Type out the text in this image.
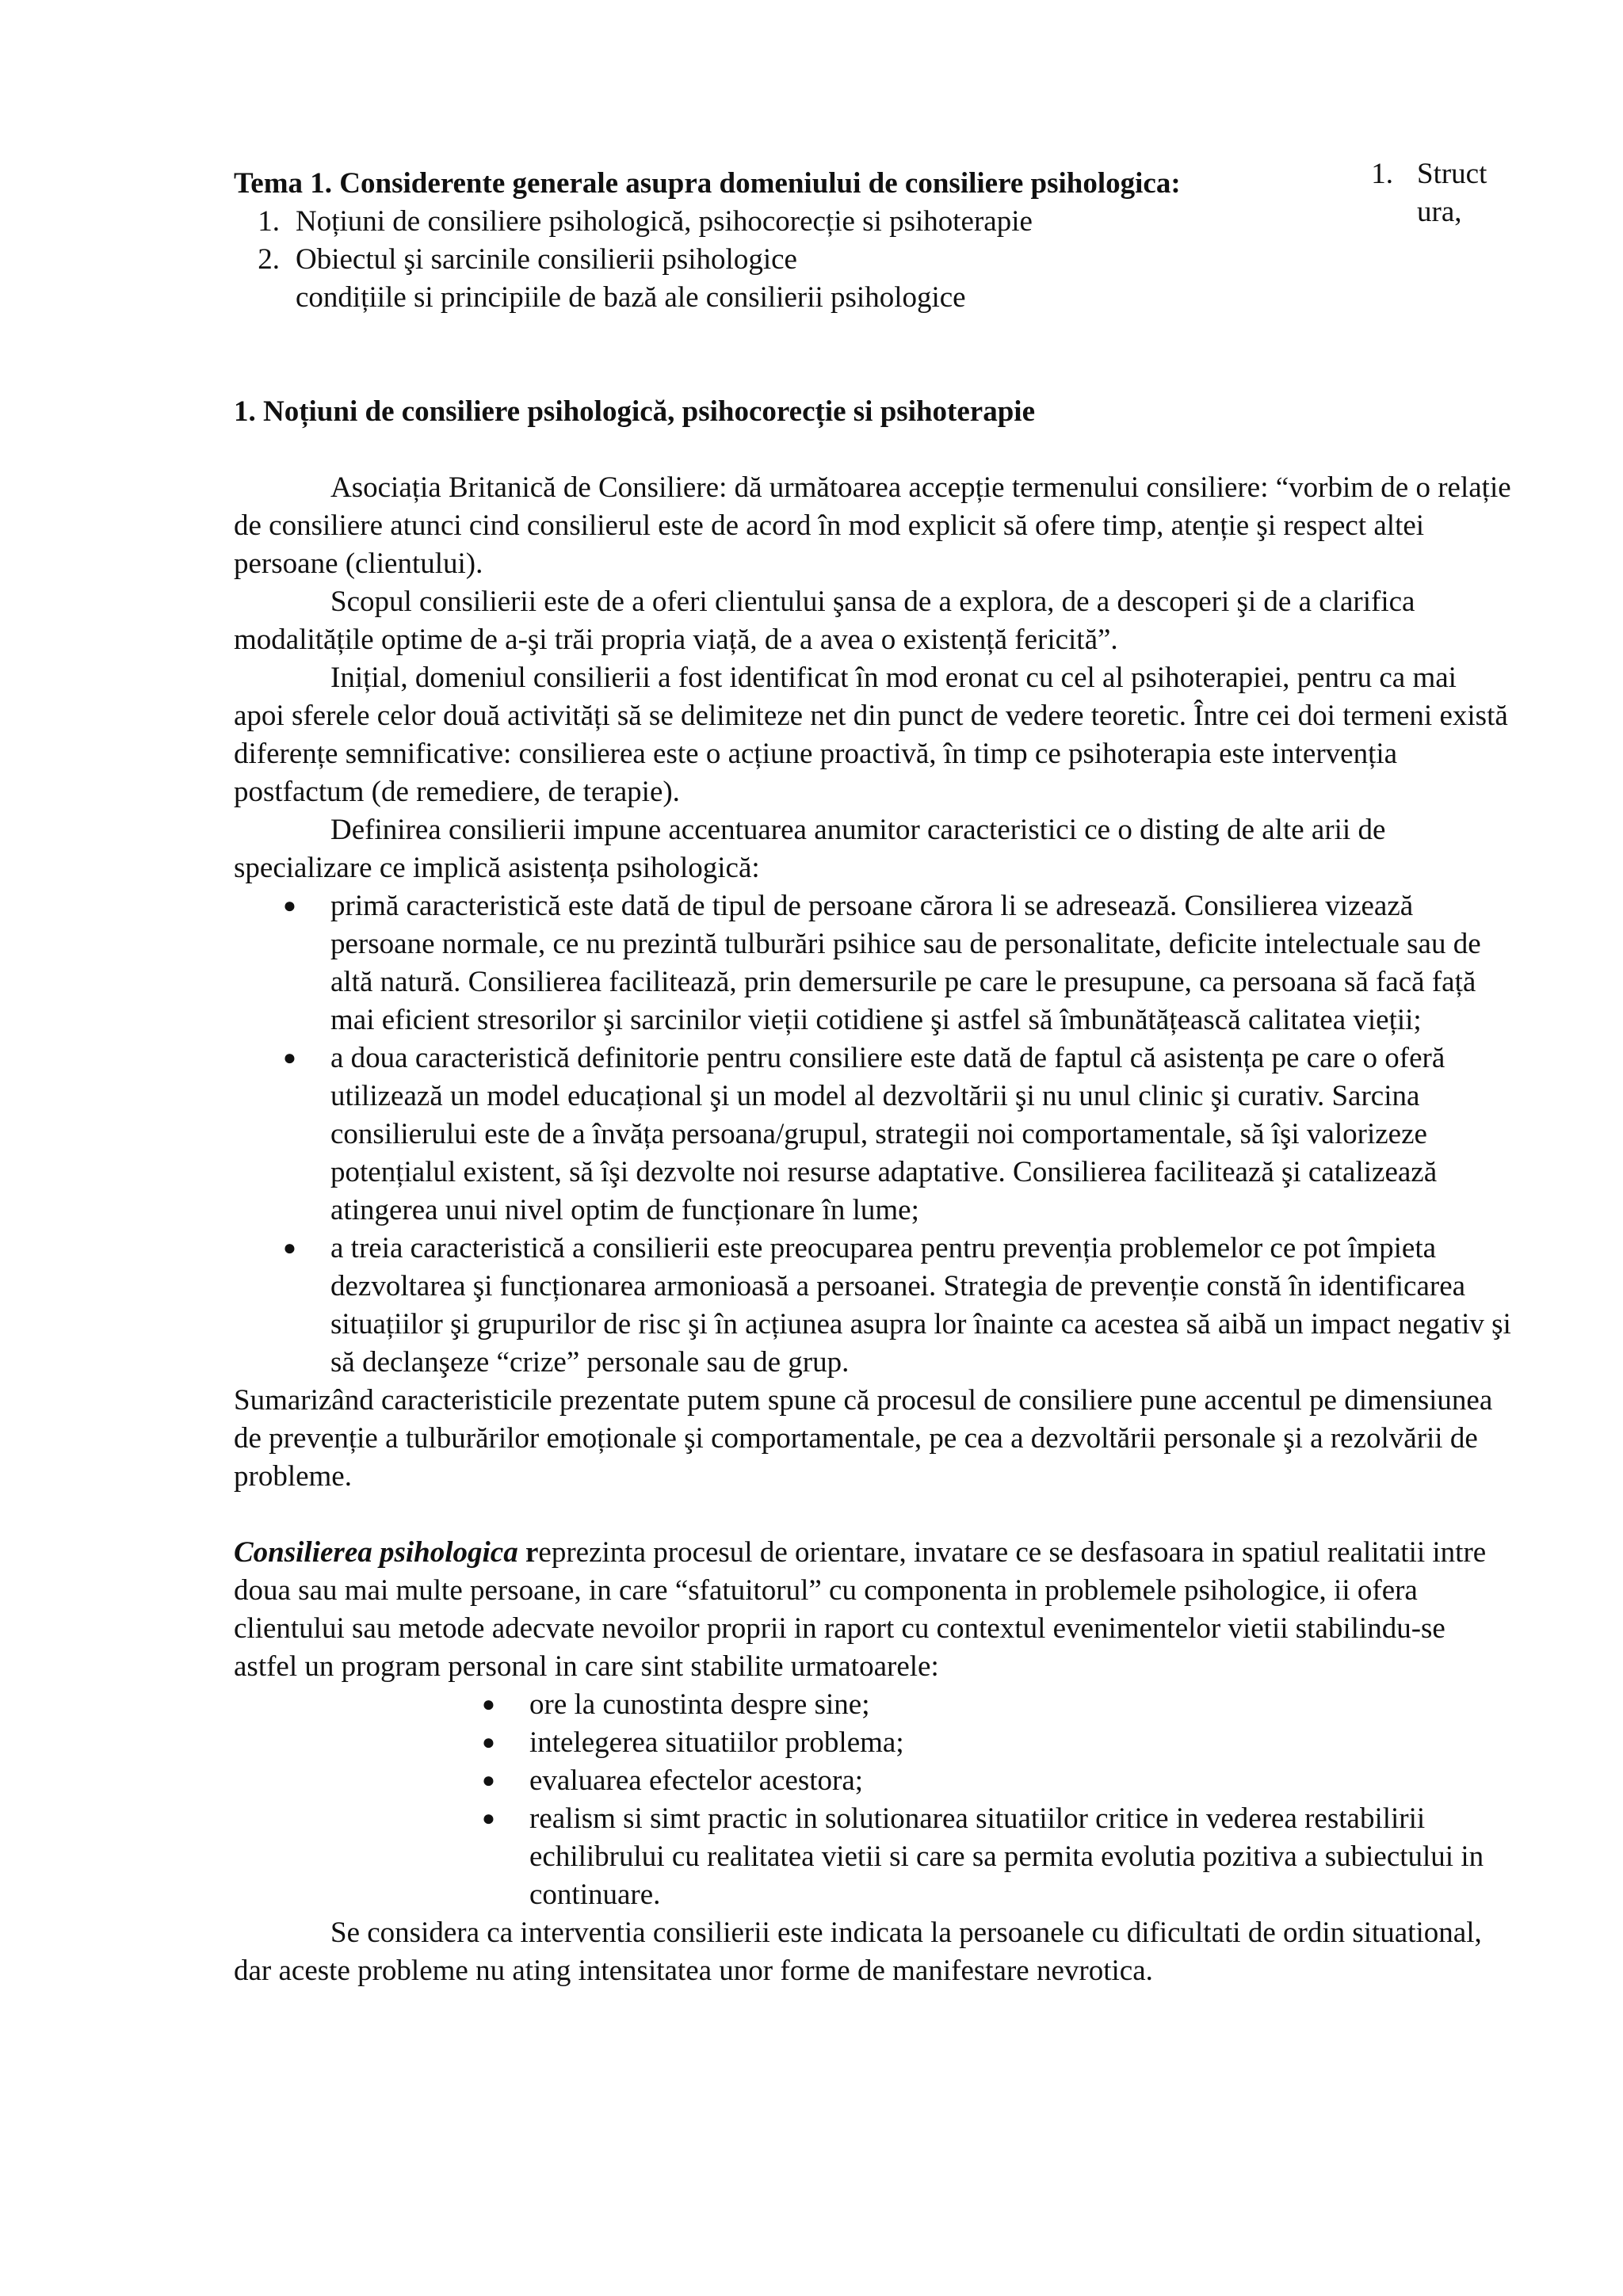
1. Struct
ura,

Tema 1. Considerente generale asupra domeniului de consiliere psihologica:

1. Noțiuni de consiliere psihologică, psihocorecție si psihoterapie

2. Obiectul şi sarcinile consilierii psihologice

condițiile si principiile de bază ale consilierii psihologice

1. Noțiuni de consiliere psihologică, psihocorecție si psihoterapie

Asociația Britanică de Consiliere: dă următoarea accepție termenului consiliere: “vorbim de o relație de consiliere atunci cind consilierul este de acord în mod explicit să ofere timp, atenție şi respect altei persoane (clientului).

Scopul consilierii este de a oferi clientului şansa de a explora, de a descoperi şi de a clarifica modalitățile optime de a-şi trăi propria viață, de a avea o existență fericită”.

Inițial, domeniul consilierii a fost identificat în mod eronat cu cel al psihoterapiei, pentru ca mai apoi sferele celor două activități să se delimiteze net din punct de vedere teoretic. Între cei doi termeni există diferențe semnificative: consilierea este o acțiune proactivă, în timp ce psihoterapia este intervenția postfactum (de remediere, de terapie).

Definirea consilierii impune accentuarea anumitor caracteristici ce o disting de alte arii de specializare ce implică asistența psihologică:

● primă caracteristică este dată de tipul de persoane cărora li se adresează. Consilierea vizează persoane normale, ce nu prezintă tulburări psihice sau de personalitate, deficite intelectuale sau de altă natură. Consilierea facilitează, prin demersurile pe care le presupune, ca persoana să facă față mai eficient stresorilor şi sarcinilor vieții cotidiene şi astfel să îmbunătățească calitatea vieții;
● a doua caracteristică definitorie pentru consiliere este dată de faptul că asistența pe care o oferă utilizează un model educațional şi un model al dezvoltării şi nu unul clinic şi curativ. Sarcina consilierului este de a învăța persoana/grupul, strategii noi comportamentale, să îşi valorizeze potențialul existent, să îşi dezvolte noi resurse adaptative. Consilierea facilitează şi catalizează atingerea unui nivel optim de funcționare în lume;
● a treia caracteristică a consilierii este preocuparea pentru prevenția problemelor ce pot împieta dezvoltarea şi funcționarea armonioasă a persoanei. Strategia de prevenție constă în identificarea situațiilor şi grupurilor de risc şi în acțiunea asupra lor înainte ca acestea să aibă un impact negativ şi să declanşeze “crize” personale sau de grup.

Sumarizând caracteristicile prezentate putem spune că procesul de consiliere pune accentul pe dimensiunea de prevenție a tulburărilor emoționale şi comportamentale, pe cea a dezvoltării personale şi a rezolvării de probleme.

Consilierea psihologica reprezinta procesul de orientare, invatare ce se desfasoara in spatiul realitatii intre doua sau mai multe persoane, in care “sfatuitorul” cu componenta in problemele psihologice, ii ofera clientului sau metode adecvate nevoilor proprii in raport cu contextul evenimentelor vietii stabilindu-se astfel un program personal in care sint stabilite urmatoarele:

● ore la cunostinta despre sine;
● intelegerea situatiilor problema;
● evaluarea efectelor acestora;
● realism si simt practic in solutionarea situatiilor critice in vederea restabilirii echilibrului cu realitatea vietii si care sa permita evolutia pozitiva a subiectului in continuare.

Se considera ca interventia consilierii este indicata la persoanele cu dificultati de ordin situational, dar aceste probleme nu ating intensitatea unor forme de manifestare nevrotica.
